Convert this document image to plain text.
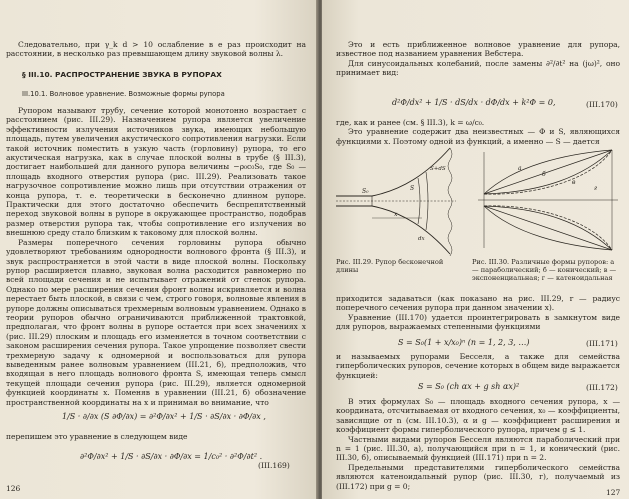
Следовательно, при γ_k d > 10 ослабление в e раз происходит на расстоянии, в несколько раз превышающем длину звуковой волны λ.

§ III.10. РАСПРОСТРАНЕНИЕ ЗВУКА В РУПОРАХ
III.10.1. Волновое уравнение. Возможные формы рупора

Рупором называют трубу, сечение которой монотонно возрастает с расстоянием (рис. III.29). Назначением рупора является увеличение эффективности излучения источников звука, имеющих небольшую площадь, путем увеличения акустического сопротивления нагрузки. Если такой источник поместить в узкую часть (горловину) рупора, то его акустическая нагрузка, как в случае плоской волны в трубе (§ III.3), достигает наибольшей для данного рупора величины −ρ₀c₀S₀, где S₀ — площадь входного отверстия рупора (рис. III.29). Реализовать такое нагрузочное сопротивление можно лишь при отсутствии отражения от конца рупора, т. е. теоретически в бесконечно длинном рупоре. Практически для этого достаточно обеспечить беспрепятственный переход звуковой волны в рупоре в окружающее пространство, подобрав размер отверстия рупора так, чтобы сопротивление его излучения во внешнюю среду стало близким к таковому для плоской волны.

Размеры поперечного сечения горловины рупора обычно удовлетворяют требованиям однородности волнового фронта (§ III.3), и звук распространяется в этой части в виде плоской волны. Поскольку рупор расширяется плавно, звуковая волна расходится равномерно по всей площади сечения и не испытывает отражений от стенок рупора. Однако по мере расширения сечения фронт волны искривляется и волна перестает быть плоской, в связи с чем, строго говоря, волновые явления в рупоре должны описываться трехмерным волновым уравнением. Однако в теории рупоров обычно ограничиваются приближенной трактовкой, предполагая, что фронт волны в рупоре остается при всех значениях x (рис. III.29) плоским и площадь его изменяется в точном соответствии с законом расширения сечения рупора. Такое упрощение позволяет свести трехмерную задачу к одномерной и воспользоваться для рупора выведенным ранее волновым уравнением (III.21, б), предположив, что входящая в него площадь волнового фронта S, имеющая теперь смысл текущей площади сечения рупора (рис. III.29), является одномерной функцией координаты x. Поменяв в уравнении (III.21, б) обозначение пространственной координаты на x и принимая во внимание, что

1/S · ∂/∂x (S ∂Φ/∂x) = ∂²Φ/∂x² + 1/S · ∂S/∂x · ∂Φ/∂x ,

перепишем это уравнение в следующем виде

∂²Φ/∂x² + 1/S · ∂S/∂x · ∂Φ/∂x = 1/c₀² · ∂²Φ/∂t² .
(III.169)
126

Это и есть приближенное волновое уравнение для рупора, известное под названием уравнения Вебстера.

Для синусоидальных колебаний, после замены ∂²/∂t² на (jω)², оно принимает вид:

d²Φ/dx² + 1/S · dS/dx · dΦ/dx + k²Φ = 0,	(III.170)

где, как и ранее (см. § III.3), k = ω/c₀.

Это уравнение содержит два неизвестных — Φ и S, являющихся функциями x. Поэтому одной из функций, а именно — S — дается

S₀
x
dx
S
S+dS	а
б
в
г
Рис. III.29. Рупор бесконечной длины
Рис. III.30. Различные формы рупоров: а — параболический; б — конический; в — экспоненциальная; г — катеноидальная

приходится задаваться (как показано на рис. III.29, r — радиус поперечного сечения рупора при данном значении x).

Уравнение (III.170) удается проинтегрировать в замкнутом виде для рупоров, выражаемых степенными функциями

S = S₀(1 + x/x₀)ⁿ (n = 1, 2, 3, …)	(III.171)

и называемых рупорами Бесселя, а также для семейства гиперболических рупоров, сечение которых в общем виде выражается функцией:

S = S₀ (ch αx + g sh αx)²	(III.172)

В этих формулах S₀ — площадь входного сечения рупора, x — координата, отсчитываемая от входного сечения, x₀ — коэффициенты, зависящие от n (см. III.10.3), α и g — коэффициент расширения и коэффициент формы гиперболического рупора, причем g ≤ 1.

Частными видами рупоров Бесселя являются параболический при n = 1 (рис. III.30, а), получающийся при n = 1, и конический (рис. III.30, б), описываемый функцией (III.171) при n = 2.

Предельными представителями гиперболического семейства являются катеноидальный рупор (рис. III.30, г), получаемый из (III.172) при g = 0;

127
